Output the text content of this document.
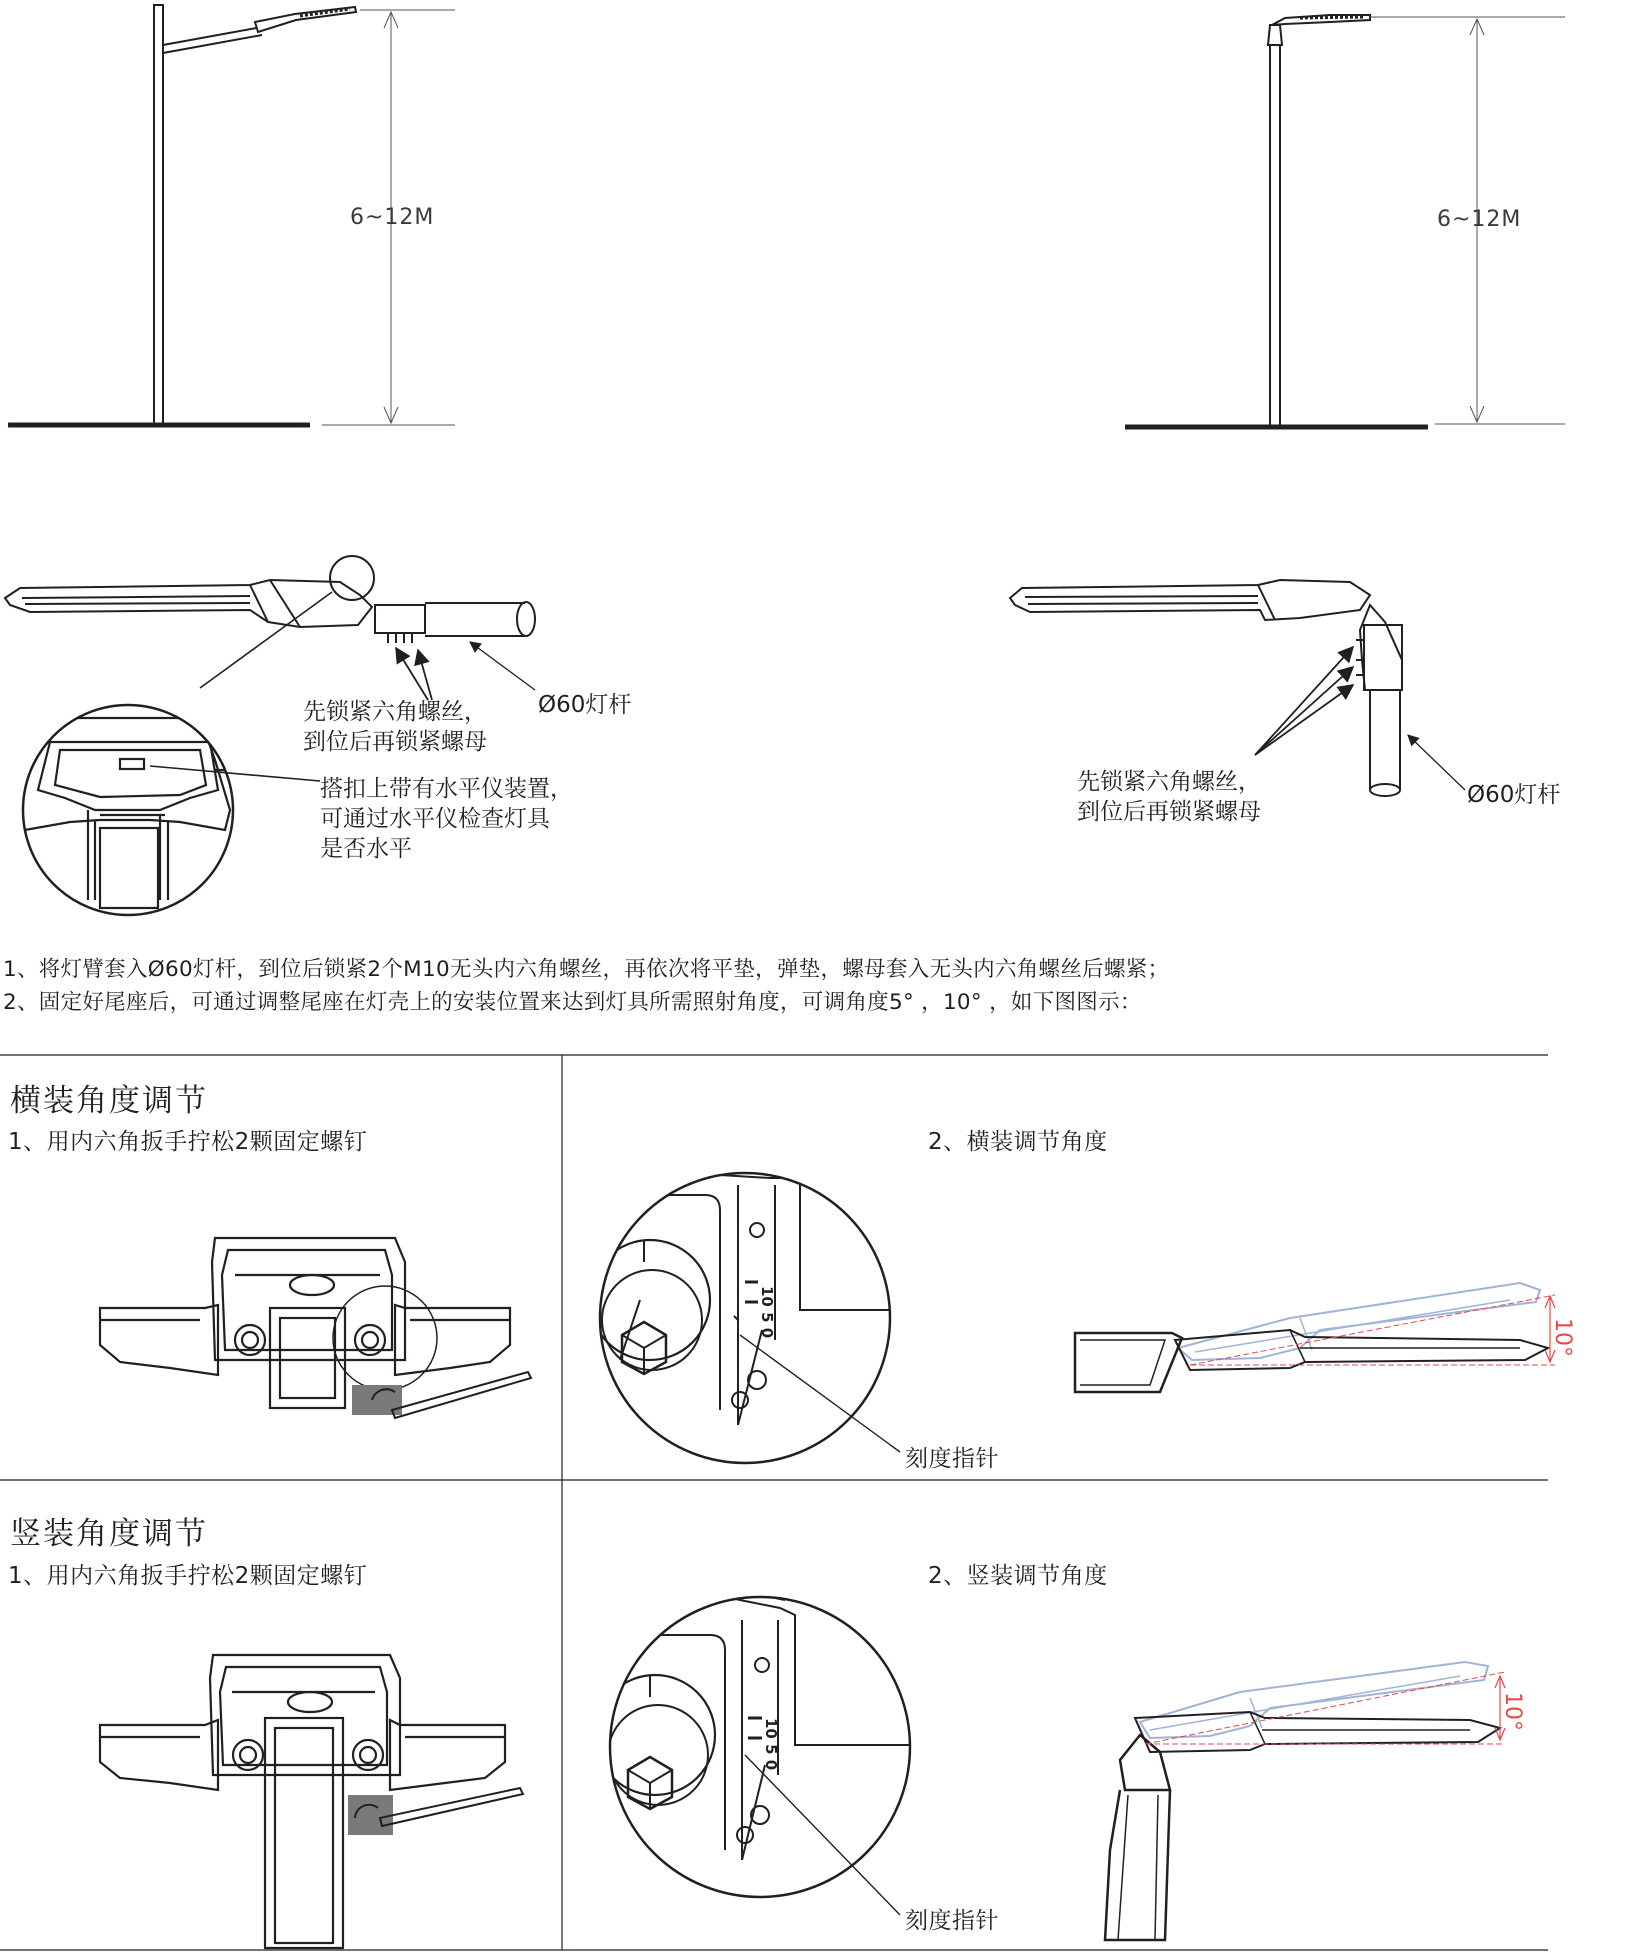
10 5 0
10 5 0
6~12M	6~12M
先锁紧六角螺丝，
到位后再锁紧螺母
Ø60灯杆
搭扣上带有水平仪装置，
可通过水平仪检查灯具
是否水平
先锁紧六角螺丝，
到位后再锁紧螺母
Ø60灯杆
1、将灯臂套入Ø60灯杆，到位后锁紧2个M10无头内六角螺丝，再依次将平垫，弹垫，螺母套入无头内六角螺丝后螺紧；
2、固定好尾座后，可通过调整尾座在灯壳上的安装位置来达到灯具所需照射角度，可调角度5° ，10° ，如下图图示：
横装角度调节
1、用内六角扳手拧松2颗固定螺钉	2、横装调节角度
刻度指针
10°
竖装角度调节
1、用内六角扳手拧松2颗固定螺钉	2、竖装调节角度
刻度指针
10°
